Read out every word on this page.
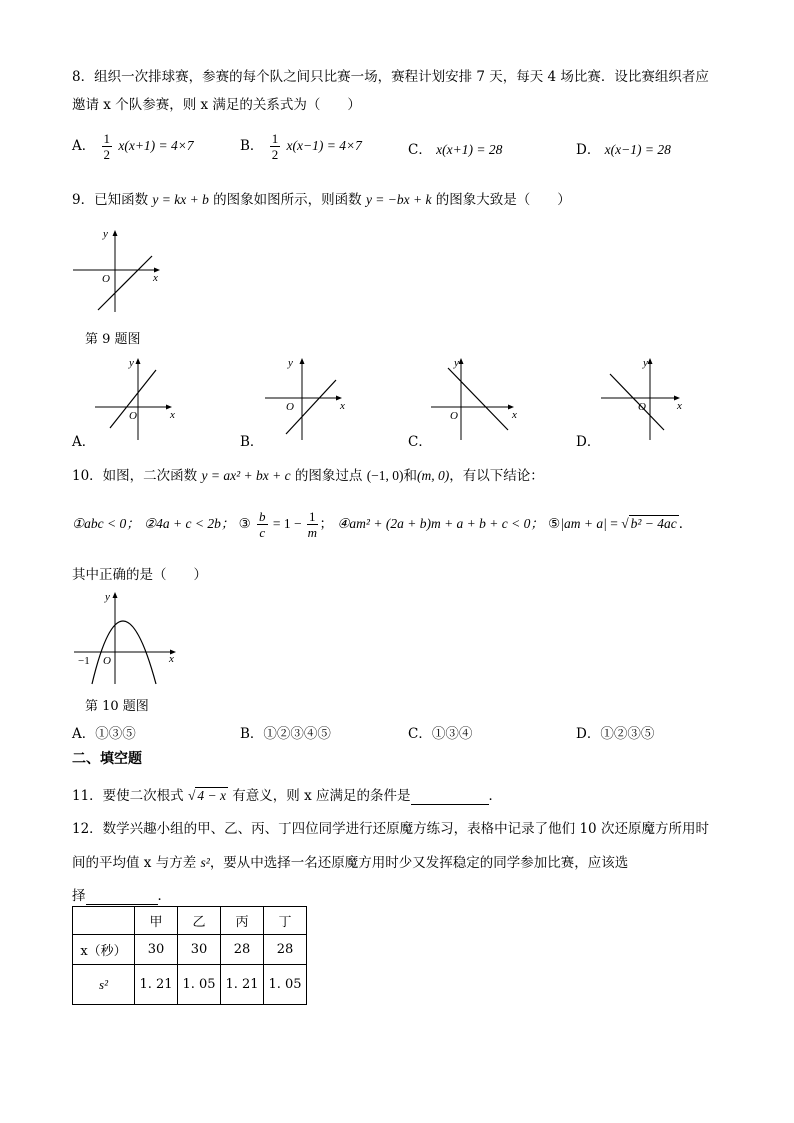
8．组织一次排球赛，参赛的每个队之间只比赛一场，赛程计划安排 7 天，每天 4 场比赛．设比赛组织者应
邀请 x 个队参赛，则 x 满足的关系式为（　　）
A． $\frac{1}{2} x(x+1) = 4\times 7$	B． $\frac{1}{2} x(x-1) = 4\times 7$	C． x(x+1) = 28	D． x(x−1) = 28
9．已知函数 y = kx + b 的图象如图所示，则函数 y = −bx + k 的图象大致是（　　）
y
x
O
第 9 题图
y
x
O
A．
y
x
O
B．
y
x
O
C．
y
x
O
D．
10．如图，二次函数 y = ax² + bx + c 的图象过点 (−1, 0)和(m, 0)，有以下结论：
①abc < 0； ②4a + c < 2b； ③ $\frac{b}{c} = 1 - \frac{1}{m}$ ； ④am² + (2a + b)m + a + b + c < 0； ⑤|am + a| = √ b² − 4ac ．
其中正确的是（　　）
y
x
O
−1
第 10 题图
A．①③⑤	B．①②③④⑤	C．①③④	D．①②③⑤
二、填空题
11．要使二次根式 √ 4 − x 有意义，则 x 应满足的条件是	．
12．数学兴趣小组的甲、乙、丙、丁四位同学进行还原魔方练习，表格中记录了他们 10 次还原魔方所用时
间的平均值 x 与方差 s²，要从中选择一名还原魔方用时少又发挥稳定的同学参加比赛，应该选
择	．
	甲	乙	丙	丁
x（秒）	30	30	28	28
s²	1. 21	1. 05	1. 21	1. 05
